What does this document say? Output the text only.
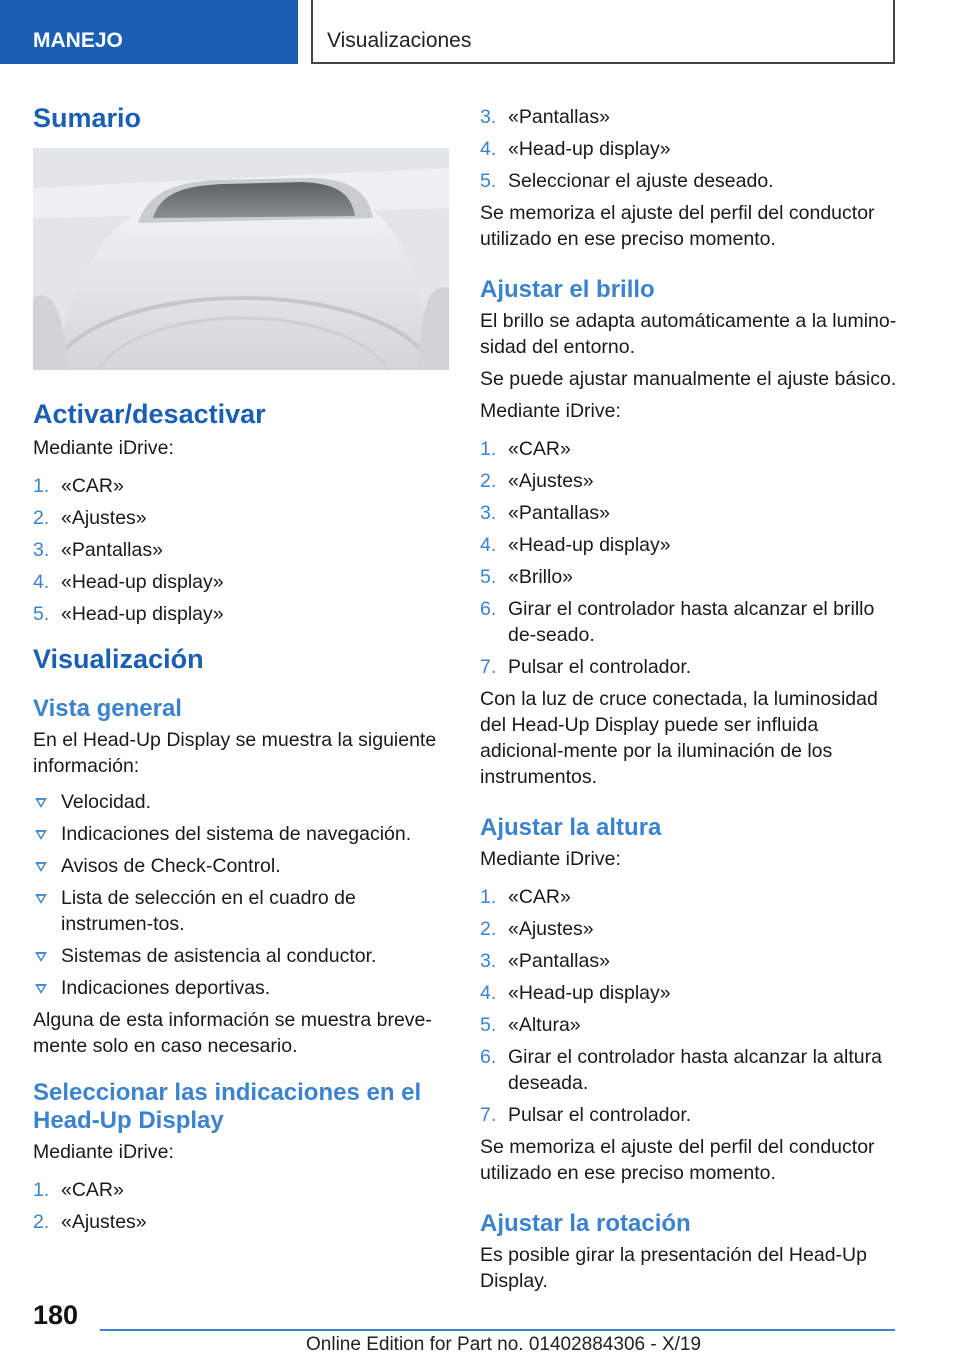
MANEJO	Visualizaciones
Sumario
Activar/desactivar

Mediante iDrive:

1. «CAR»
2. «Ajustes»
3. «Pantallas»
4. «Head-up display»
5. «Head-up display»
Visualización
Vista general

En el Head-Up Display se muestra la siguiente información:

Velocidad.
Indicaciones del sistema de navegación.
Avisos de Check-Control.
Lista de selección en el cuadro de instrumen-tos.
Sistemas de asistencia al conductor.
Indicaciones deportivas.

Alguna de esta información se muestra breve-mente solo en caso necesario.

Seleccionar las indicaciones en el Head-Up Display

Mediante iDrive:

1. «CAR»
2. «Ajustes»
3. «Pantallas»
4. «Head-up display»
5. Seleccionar el ajuste deseado.

Se memoriza el ajuste del perfil del conductor utilizado en ese preciso momento.

Ajustar el brillo

El brillo se adapta automáticamente a la lumino-sidad del entorno.

Se puede ajustar manualmente el ajuste básico.

Mediante iDrive:

1. «CAR»
2. «Ajustes»
3. «Pantallas»
4. «Head-up display»
5. «Brillo»
6. Girar el controlador hasta alcanzar el brillo de-seado.
7. Pulsar el controlador.

Con la luz de cruce conectada, la luminosidad del Head-Up Display puede ser influida adicional-mente por la iluminación de los instrumentos.

Ajustar la altura

Mediante iDrive:

1. «CAR»
2. «Ajustes»
3. «Pantallas»
4. «Head-up display»
5. «Altura»
6. Girar el controlador hasta alcanzar la altura deseada.
7. Pulsar el controlador.

Se memoriza el ajuste del perfil del conductor utilizado en ese preciso momento.

Ajustar la rotación

Es posible girar la presentación del Head-Up Display.

180
Online Edition for Part no. 01402884306 - X/19
